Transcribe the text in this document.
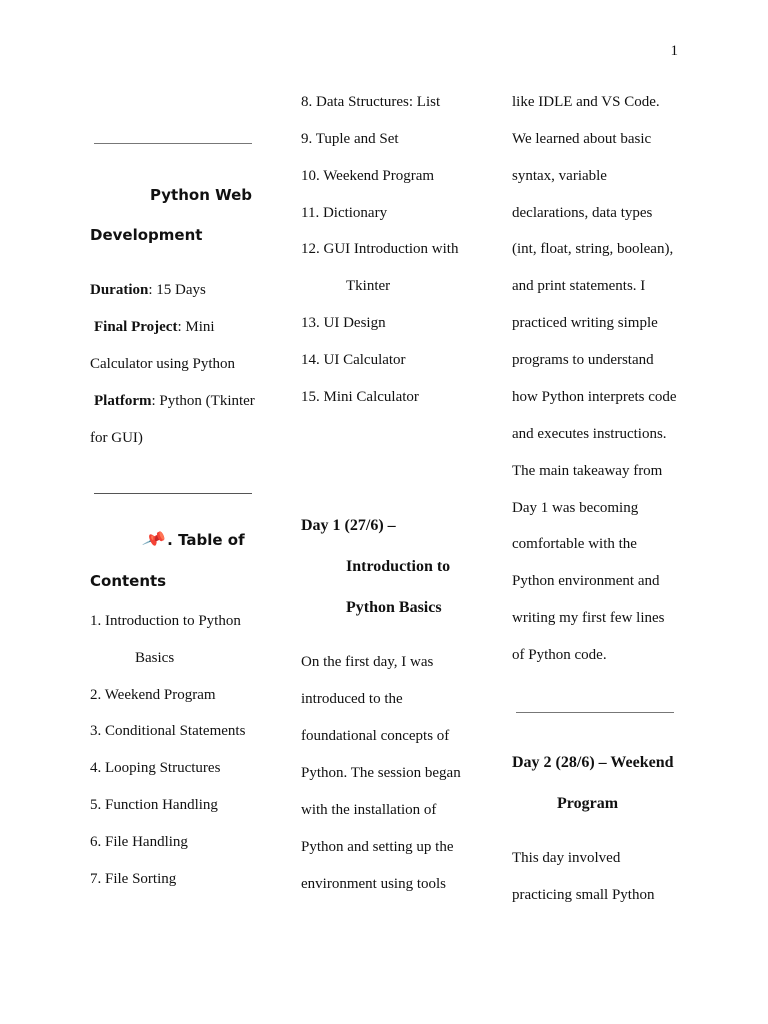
1
Python Web
Development
Duration: 15 Days
Final Project: Mini
Calculator using Python
Platform: Python (Tkinter
for GUI)
📌. Table of
Contents
1. Introduction to Python
Basics
2. Weekend Program
3. Conditional Statements
4. Looping Structures
5. Function Handling
6. File Handling
7. File Sorting
8. Data Structures: List
9. Tuple and Set
10. Weekend Program
11. Dictionary
12. GUI Introduction with
Tkinter
13. UI Design
14. UI Calculator
15. Mini Calculator
Day 1 (27/6) –
Introduction to
Python Basics
On the first day, I was
introduced to the
foundational concepts of
Python. The session began
with the installation of
Python and setting up the
environment using tools
like IDLE and VS Code.
We learned about basic
syntax, variable
declarations, data types
(int, float, string, boolean),
and print statements. I
practiced writing simple
programs to understand
how Python interprets code
and executes instructions.
The main takeaway from
Day 1 was becoming
comfortable with the
Python environment and
writing my first few lines
of Python code.
Day 2 (28/6) – Weekend
Program
This day involved
practicing small Python
